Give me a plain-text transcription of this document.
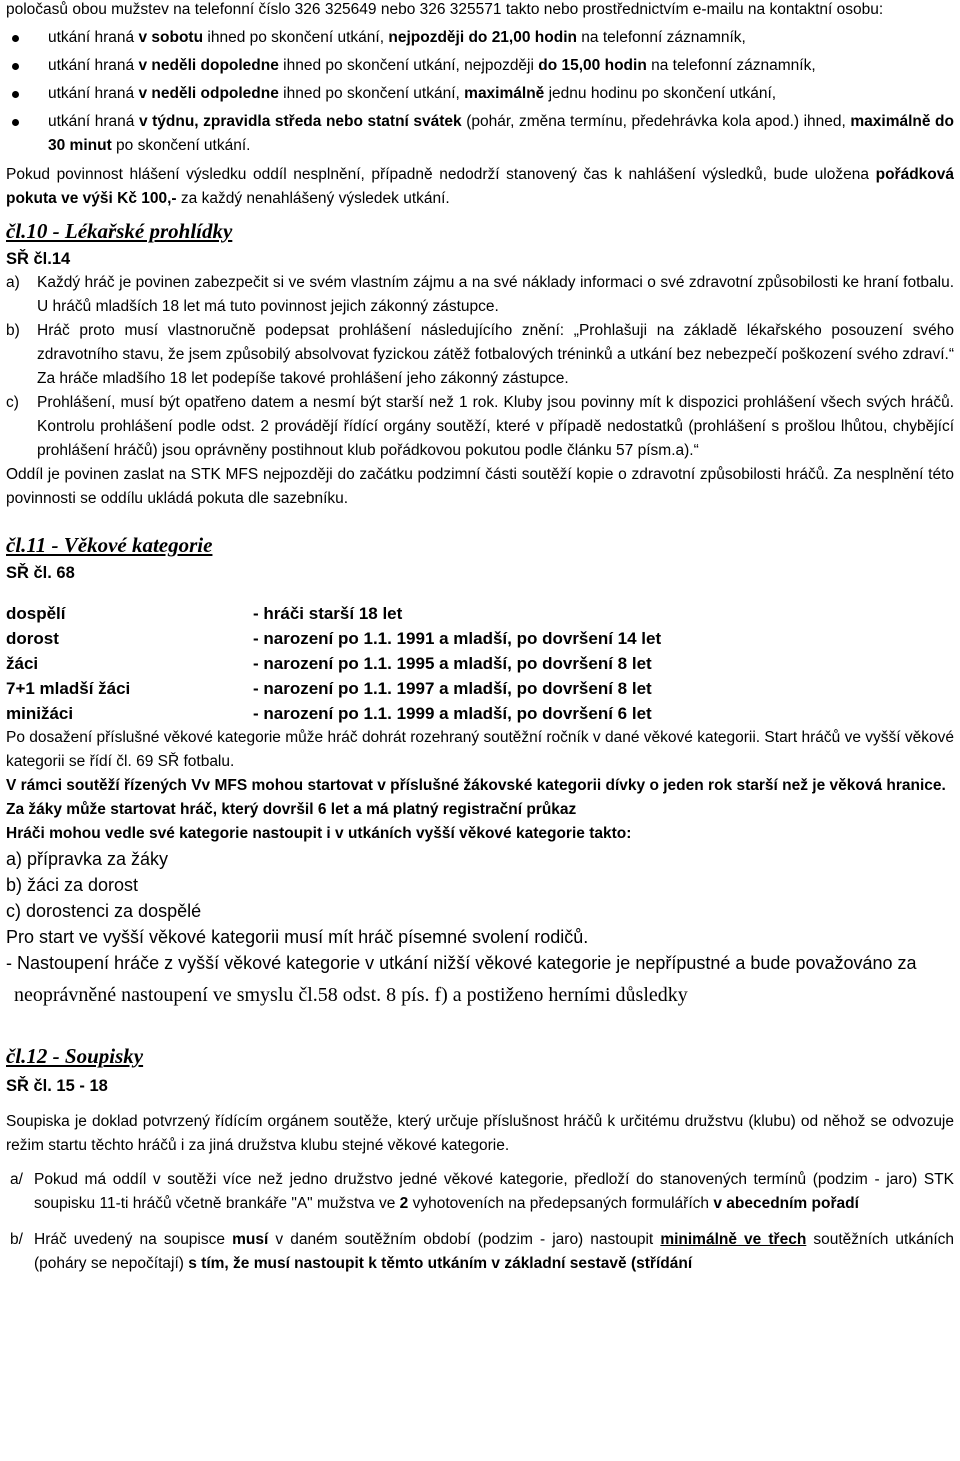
poločasů obou mužstev na telefonní číslo 326 325649 nebo 326 325571 takto nebo prostřednictvím e-mailu na kontaktní osobu:

utkání hraná v sobotu ihned po skončení utkání, nejpozději do 21,00 hodin na telefonní záznamník,
utkání hraná v neděli dopoledne ihned po skončení utkání, nejpozději do 15,00 hodin na telefonní záznamník,
utkání hraná v neděli odpoledne ihned po skončení utkání, maximálně jednu hodinu po skončení utkání,
utkání hraná v týdnu, zpravidla středa nebo statní svátek (pohár, změna termínu, předehrávka kola apod.) ihned, maximálně do 30 minut po skončení utkání.

Pokud povinnost hlášení výsledku oddíl nesplnění, případně nedodrží stanovený čas k nahlášení výsledků, bude uložena pořádková pokuta ve výši Kč 100,- za každý nenahlášený výsledek utkání.

čl.10 - Lékařské prohlídky

SŘ čl.14

a)	Každý hráč je povinen zabezpečit si ve svém vlastním zájmu a na své náklady informaci o své zdravotní způsobilosti ke hraní fotbalu. U hráčů mladších 18 let má tuto povinnost jejich zákonný zástupce.
b)	Hráč proto musí vlastnoručně podepsat prohlášení následujícího znění: „Prohlašuji na základě lékařského posouzení svého zdravotního stavu, že jsem způsobilý absolvovat fyzickou zátěž fotbalových tréninků a utkání bez nebezpečí poškození svého zdraví.“ Za hráče mladšího 18 let podepíše takové prohlášení jeho zákonný zástupce.
c)	Prohlášení, musí být opatřeno datem a nesmí být starší než 1 rok. Kluby jsou povinny mít k dispozici prohlášení všech svých hráčů. Kontrolu prohlášení podle odst. 2 provádějí řídící orgány soutěží, které v případě nedostatků (prohlášení s prošlou lhůtou, chybějící prohlášení hráčů) jsou oprávněny postihnout klub pořádkovou pokutou podle článku 57 písm.a).“

Oddíl je povinen zaslat na STK MFS nejpozději do začátku podzimní části soutěží kopie o zdravotní způsobilosti hráčů. Za nesplnění této povinnosti se oddílu ukládá pokuta dle sazebníku.

čl.11 - Věkové kategorie

SŘ čl. 68

dospělí	- hráči starší 18 let
dorost	- narození po 1.1. 1991 a mladší, po dovršení 14 let
žáci	- narození po 1.1. 1995 a mladší, po dovršení 8 let
7+1 mladší žáci	- narození po 1.1. 1997 a mladší, po dovršení 8 let
minižáci	- narození po 1.1. 1999 a mladší, po dovršení 6 let

Po dosažení příslušné věkové kategorie může hráč dohrát rozehraný soutěžní ročník v dané věkové kategorii. Start hráčů ve vyšší věkové kategorii se řídí čl. 69 SŘ fotbalu.

V rámci soutěží řízených Vv MFS mohou startovat v příslušné žákovské kategorii dívky o jeden rok starší než je věková hranice.

Za žáky může startovat hráč, který dovršil 6 let a má platný registrační průkaz

Hráči mohou vedle své kategorie nastoupit i v utkáních vyšší věkové kategorie takto:

a) přípravka za žáky

b) žáci za dorost

c) dorostenci za dospělé

Pro start ve vyšší věkové kategorii musí mít hráč písemné svolení rodičů.

- Nastoupení hráče z vyšší věkové kategorie v utkání nižší věkové kategorie je nepřípustné a bude považováno za

neoprávněné nastoupení ve smyslu čl.58 odst. 8 pís. f) a postiženo herními důsledky

čl.12 - Soupisky

SŘ čl. 15 - 18

Soupiska je doklad potvrzený řídícím orgánem soutěže, který určuje příslušnost hráčů k určitému družstvu (klubu) od něhož se odvozuje režim startu těchto hráčů i za jiná družstva klubu stejné věkové kategorie.

a/ Pokud má oddíl v soutěži více než jedno družstvo jedné věkové kategorie, předloží do stanovených termínů (podzim - jaro) STK soupisku 11-ti hráčů včetně brankáře "A" mužstva ve 2 vyhotoveních na předepsaných formulářích v abecedním pořadí
b/ Hráč uvedený na soupisce musí v daném soutěžním období (podzim - jaro) nastoupit minimálně ve třech soutěžních utkáních (poháry se nepočítají) s tím, že musí nastoupit k těmto utkáním v základní sestavě (střídání
